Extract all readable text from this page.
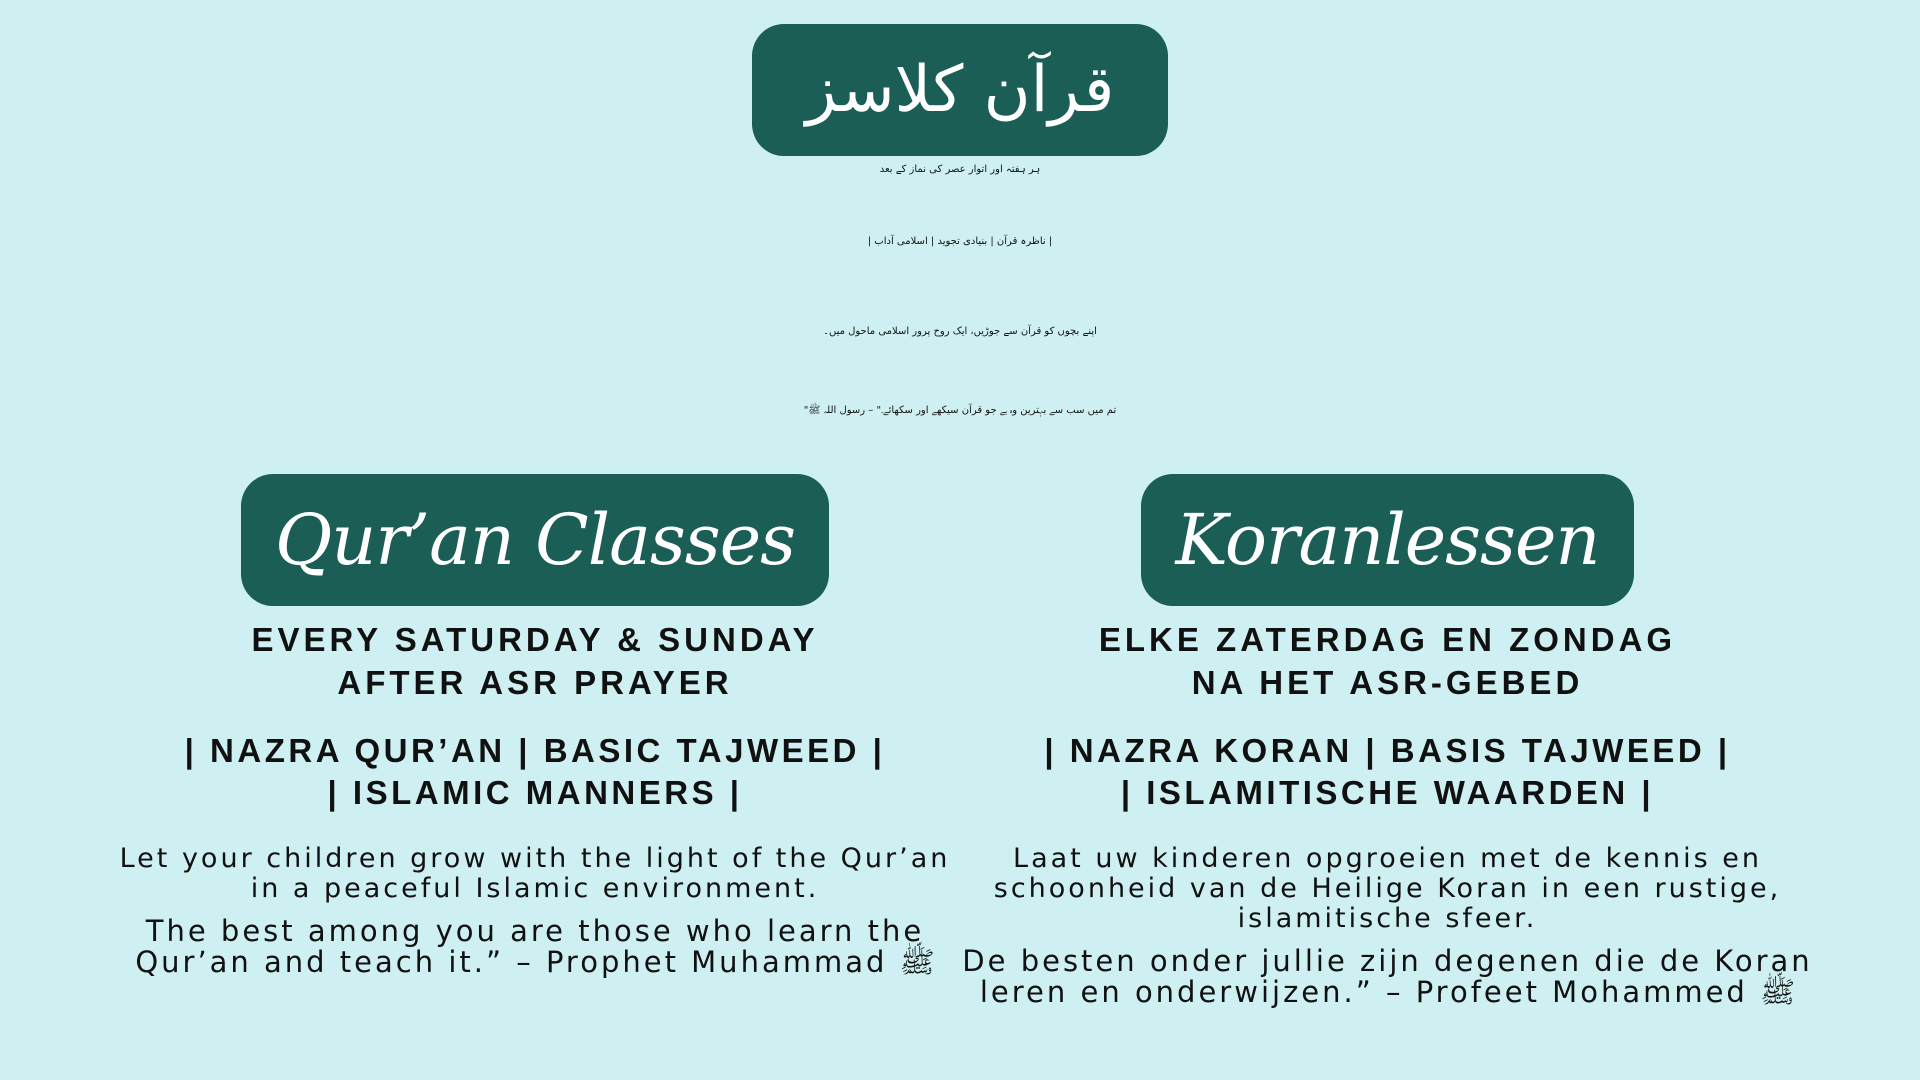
قرآن کلاسز
ہر ہفتہ اور اتوار عصر کی نماز کے بعد
| ناظرہ قرآن | بنیادی تجوید | اسلامی آداب |
اپنے بچوں کو قرآن سے جوڑیں، ایک روح پرور اسلامی ماحول میں۔
تم میں سب سے بہترین وہ ہے جو قرآن سیکھے اور سکھائے۔" – رسول اللہ ﷺ"
Qur’an Classes
EVERY SATURDAY & SUNDAY
AFTER ASR PRAYER
| NAZRA QUR’AN | BASIC TAJWEED |
| ISLAMIC MANNERS |
Let your children grow with the light of the Qur’an
in a peaceful Islamic environment.
The best among you are those who learn the
Qur’an and teach it.” – Prophet Muhammad ﷺ
Koranlessen
ELKE ZATERDAG EN ZONDAG
NA HET ASR-GEBED
| NAZRA KORAN | BASIS TAJWEED |
| ISLAMITISCHE WAARDEN |
Laat uw kinderen opgroeien met de kennis en
schoonheid van de Heilige Koran in een rustige,
islamitische sfeer.
De besten onder jullie zijn degenen die de Koran
leren en onderwijzen.” – Profeet Mohammed ﷺ
